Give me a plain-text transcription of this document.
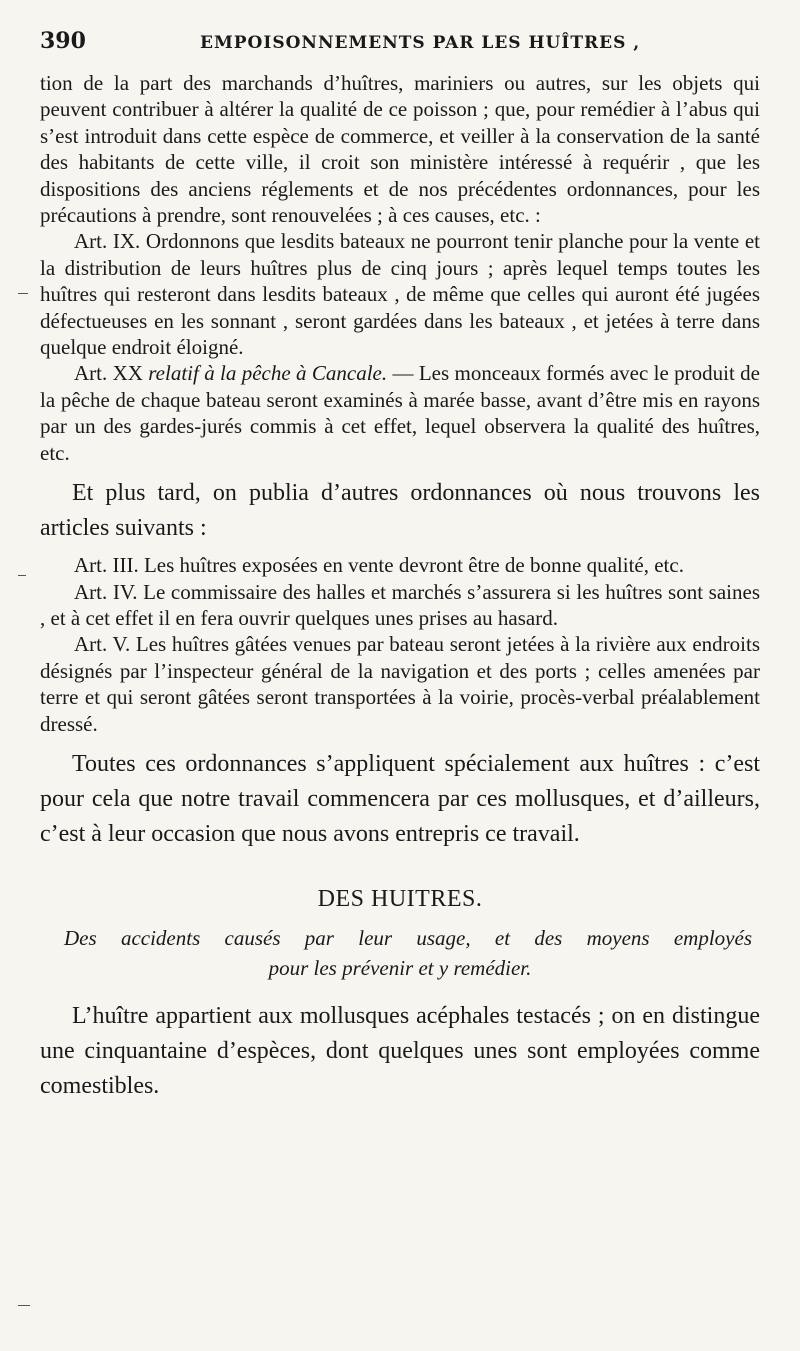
390	EMPOISONNEMENTS PAR LES HUÎTRES ,

tion de la part des marchands d’huîtres, mariniers ou autres, sur les objets qui peuvent contribuer à altérer la qualité de ce poisson ; que, pour remédier à l’abus qui s’est introduit dans cette espèce de commerce, et veiller à la conservation de la santé des habitants de cette ville, il croit son ministère intéressé à requérir , que les dispositions des anciens réglements et de nos précédentes ordonnances, pour les précautions à prendre, sont renouvelées ; à ces causes, etc. :

Art. IX. Ordonnons que lesdits bateaux ne pourront tenir planche pour la vente et la distribution de leurs huîtres plus de cinq jours ; après lequel temps toutes les huîtres qui resteront dans lesdits bateaux , de même que celles qui auront été jugées défectueuses en les sonnant , seront gardées dans les bateaux , et jetées à terre dans quelque endroit éloigné.

Art. XX relatif à la pêche à Cancale. — Les monceaux formés avec le produit de la pêche de chaque bateau seront examinés à marée basse, avant d’être mis en rayons par un des gardes-jurés commis à cet effet, lequel observera la qualité des huîtres, etc.

Et plus tard, on publia d’autres ordonnances où nous trouvons les articles suivants :

Art. III. Les huîtres exposées en vente devront être de bonne qualité, etc.

Art. IV. Le commissaire des halles et marchés s’assurera si les huîtres sont saines , et à cet effet il en fera ouvrir quelques unes prises au hasard.

Art. V. Les huîtres gâtées venues par bateau seront jetées à la rivière aux endroits désignés par l’inspecteur général de la navigation et des ports ; celles amenées par terre et qui seront gâtées seront transportées à la voirie, procès-verbal préalablement dressé.

Toutes ces ordonnances s’appliquent spécialement aux huîtres : c’est pour cela que notre travail commencera par ces mollusques, et d’ailleurs, c’est à leur occasion que nous avons entrepris ce travail.

DES HUITRES.
Des accidents causés par leur usage, et des moyens employés
pour les prévenir et y remédier.

L’huître appartient aux mollusques acéphales testacés ; on en distingue une cinquantaine d’espèces, dont quelques unes sont employées comme comestibles.
